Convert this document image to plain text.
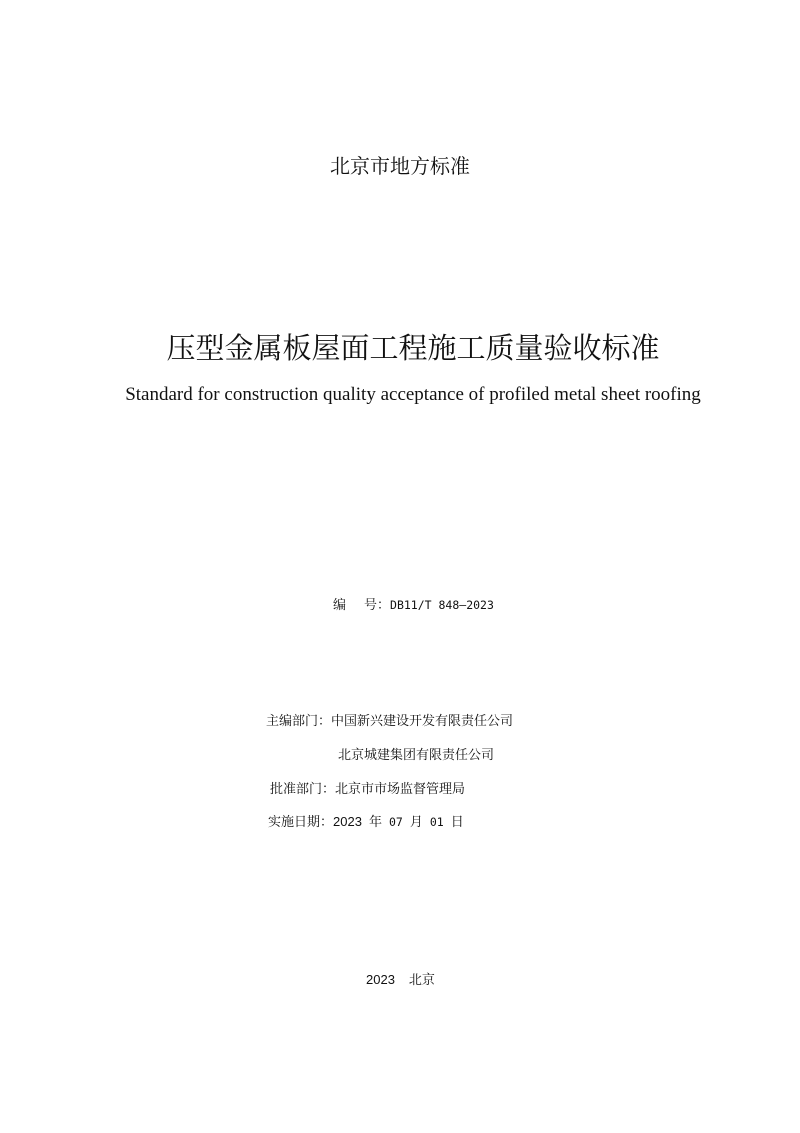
北京市地方标准
压型金属板屋面工程施工质量验收标准
Standard for construction quality acceptance of profiled metal sheet roofing
编 号：DB11/T 848—2023
主编部门：中国新兴建设开发有限责任公司
北京城建集团有限责任公司
批准部门：北京市市场监督管理局
实施日期：2023 年 07 月 01 日
2023 北京
